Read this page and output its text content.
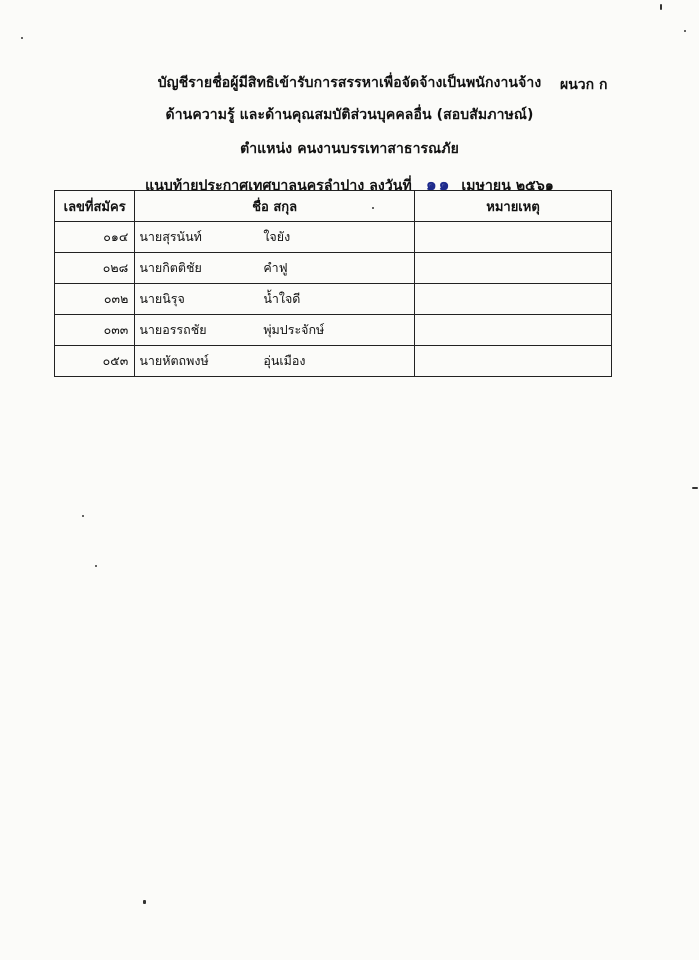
บัญชีรายชื่อผู้มีสิทธิเข้ารับการสรรหาเพื่อจัดจ้างเป็นพนักงานจ้าง	ผนวก ก
ด้านความรู้ และด้านคุณสมบัติส่วนบุคคลอื่น (สอบสัมภาษณ์)
ตำแหน่ง คนงานบรรเทาสาธารณภัย
แนบท้ายประกาศเทศบาลนครลำปาง ลงวันที่ ๑๑ เมษายน ๒๕๖๑
เลขที่สมัคร	ชื่อ สกุล	หมายเหตุ
๐๑๔	นายสุรนันท์ ใจยัง	
๐๒๘	นายกิตติชัย คำฟู	
๐๓๒	นายนิรุจ น้ำใจดี	
๐๓๓	นายอรรถชัย พุ่มประจักษ์	
๐๕๓	นายหัตถพงษ์ อุ่นเมือง	
